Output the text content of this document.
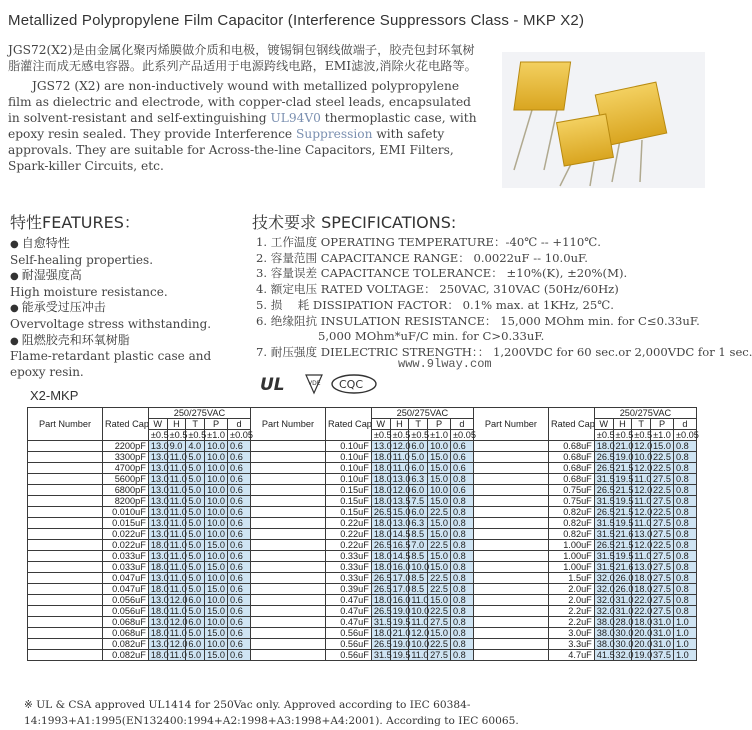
Metallized Polypropylene Film Capacitor (Interference Suppressors Class - MKP X2)

JGS72(X2)是由金属化聚丙烯膜做介质和电极，镀锡铜包钢线做端子，胶壳包封环氧树脂灌注而成无感电容器。此系列产品适用于电源跨线电路，EMI滤波,消除火花电路等。

JGS72 (X2) are non-inductively wound with metallized polypropylene film as dielectric and electrode, with copper-clad steel leads, encapsulated in solvent-resistant and self-extinguishing UL94V0 thermoplastic case, with epoxy resin sealed. They provide Interference Suppression with safety approvals. They are suitable for Across-the-line Capacitors, EMI Filters, Spark-killer Circuits, etc.

特性FEATURES：
● 自愈特性
Self-healing properties.
● 耐湿强度高
High moisture resistance.
● 能承受过压冲击
Overvoltage stress withstanding.
● 阻燃胶壳和环氧树脂
Flame-retardant plastic case and epoxy resin.
技术要求 SPECIFICATIONS:
1. 工作温度 OPERATING TEMPERATURE：-40℃ -- +110℃.
2. 容量范围 CAPACITANCE RANGE： 0.0022uF -- 10.0uF.
3. 容量误差 CAPACITANCE TOLERANCE： ±10%(K), ±20%(M).
4. 额定电压 RATED VOLTAGE： 250VAC, 310VAC (50Hz/60Hz)
5. 损　 耗 DISSIPATION FACTOR： 0.1% max. at 1KHz, 25℃.
6. 绝缘阻抗 INSULATION RESISTANCE： 15,000 MOhm min. for C≤0.33uF.
5,000 MOhm*uF/C min. for C>0.33uF.
7. 耐压强度 DIELECTRIC STRENGTH：： 1,200VDC for 60 sec.or 2,000VDC for 1 sec.
UL	VDE CQC
www.9lway.com
X2-MKP
Part Number	Rated Cap	250/275VAC					Part Number	Rated Cap	250/275VAC					Part Number	Rated Cap	250/275VAC				
		W	H	T	P	d			W	H	T	P	d			W	H	T	P	d
		±0.5	±0.5	±0.5	±1.0	±0.05			±0.5	±0.5	±0.5	±1.0	±0.05			±0.5	±0.5	±0.5	±1.0	±0.05
	2200pF	13.0	9.0	4.0	10.0	0.6		0.10uF	13.0	12.0	6.0	10.0	0.6		0.68uF	18.0	21.0	12.0	15.0	0.8
	3300pF	13.0	11.0	5.0	10.0	0.6		0.10uF	18.0	11.0	5.0	15.0	0.6		0.68uF	26.5	19.0	10.0	22.5	0.8
	4700pF	13.0	11.0	5.0	10.0	0.6		0.10uF	18.0	11.0	6.0	15.0	0.6		0.68uF	26.5	21.5	12.0	22.5	0.8
	5600pF	13.0	11.0	5.0	10.0	0.6		0.10uF	18.0	13.0	6.3	15.0	0.8		0.68uF	31.5	19.5	11.0	27.5	0.8
	6800pF	13.0	11.0	5.0	10.0	0.6		0.15uF	18.0	12.0	6.0	10.0	0.6		0.75uF	26.5	21.5	12.0	22.5	0.8
	8200pF	13.0	11.0	5.0	10.0	0.6		0.15uF	18.0	13.5	7.5	15.0	0.8		0.75uF	31.5	19.5	11.0	27.5	0.8
	0.010uF	13.0	11.0	5.0	10.0	0.6		0.15uF	26.5	15.0	6.0	22.5	0.8		0.82uF	26.5	21.5	12.0	22.5	0.8
	0.015uF	13.0	11.0	5.0	10.0	0.6		0.22uF	18.0	13.0	6.3	15.0	0.8		0.82uF	31.5	19.5	11.0	27.5	0.8
	0.022uF	13.0	11.0	5.0	10.0	0.6		0.22uF	18.0	14.5	8.5	15.0	0.8		0.82uF	31.5	21.6	13.0	27.5	0.8
	0.022uF	18.0	11.0	5.0	15.0	0.6		0.22uF	26.5	16.5	7.0	22.5	0.8		1.00uF	26.5	21.5	12.0	22.5	0.8
	0.033uF	13.0	11.0	5.0	10.0	0.6		0.33uF	18.0	14.5	8.5	15.0	0.8		1.00uF	31.5	19.5	11.0	27.5	0.8
	0.033uF	18.0	11.0	5.0	15.0	0.6		0.33uF	18.0	16.0	10.0	15.0	0.8		1.00uF	31.5	21.6	13.0	27.5	0.8
	0.047uF	13.0	11.0	5.0	10.0	0.6		0.33uF	26.5	17.0	8.5	22.5	0.8		1.5uF	32.0	26.0	18.0	27.5	0.8
	0.047uF	18.0	11.0	5.0	15.0	0.6		0.39uF	26.5	17.0	8.5	22.5	0.8		2.0uF	32.0	26.0	18.0	27.5	0.8
	0.056uF	13.0	12.0	6.0	10.0	0.6		0.47uF	18.0	16.0	11.0	15.0	0.8		2.0uF	32.0	31.0	22.0	27.5	0.8
	0.056uF	18.0	11.0	5.0	15.0	0.6		0.47uF	26.5	19.0	10.0	22.5	0.8		2.2uF	32.0	31.0	22.0	27.5	0.8
	0.068uF	13.0	12.0	6.0	10.0	0.6		0.47uF	31.5	19.5	11.0	27.5	0.8		2.2uF	38.0	28.0	18.0	31.0	1.0
	0.068uF	18.0	11.0	5.0	15.0	0.6		0.56uF	18.0	21.0	12.0	15.0	0.8		3.0uF	38.0	30.0	20.0	31.0	1.0
	0.082uF	13.0	12.0	6.0	10.0	0.6		0.56uF	26.5	19.0	10.0	22.5	0.8		3.3uF	38.0	30.0	20.0	31.0	1.0
	0.082uF	18.0	11.0	5.0	15.0	0.6		0.56uF	31.5	19.5	11.0	27.5	0.8		4.7uF	41.5	32.0	19.0	37.5	1.0
※ UL & CSA approved UL1414 for 250Vac only. Approved according to IEC 60384-14:1993+A1:1995(EN132400:1994+A2:1998+A3:1998+A4:2001). According to IEC 60065.
